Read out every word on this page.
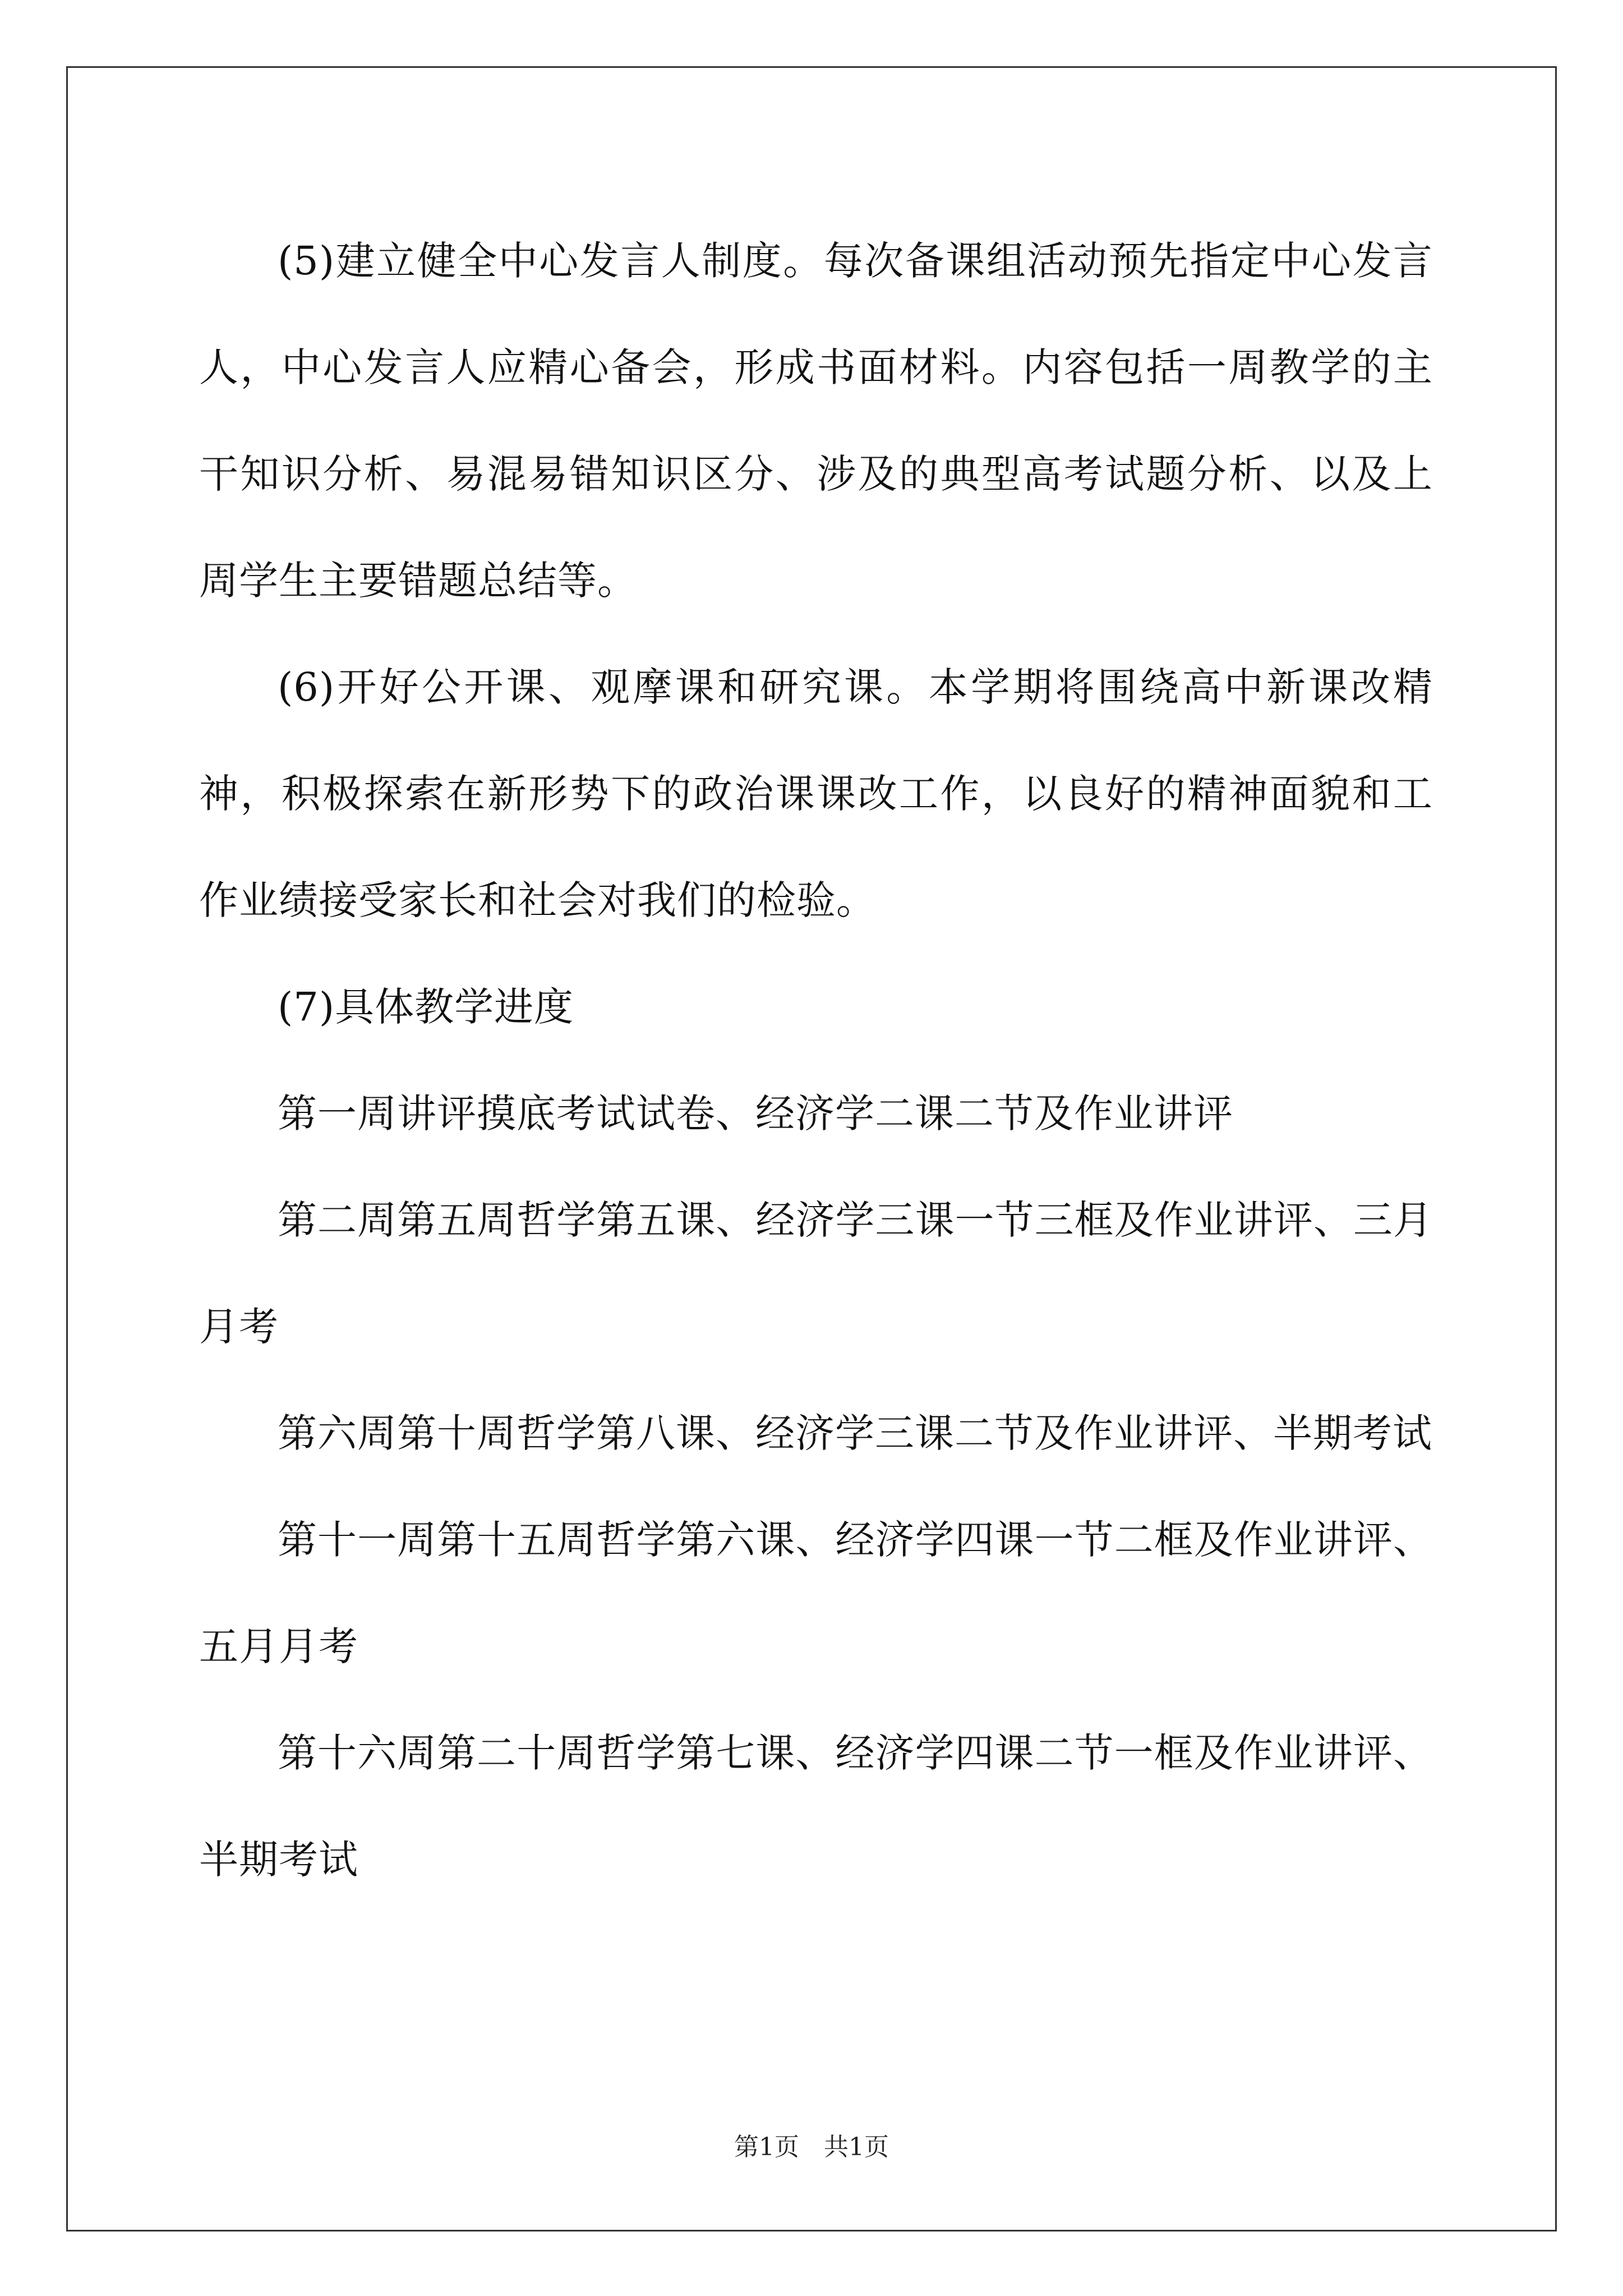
(5)建立健全中心发言人制度。每次备课组活动预先指定中心发言人，中心发言人应精心备会，形成书面材料。内容包括一周教学的主干知识分析、易混易错知识区分、涉及的典型高考试题分析、以及上周学生主要错题总结等。

(6)开好公开课、观摩课和研究课。本学期将围绕高中新课改精神，积极探索在新形势下的政治课课改工作，以良好的精神面貌和工作业绩接受家长和社会对我们的检验。

(7)具体教学进度

第一周讲评摸底考试试卷、经济学二课二节及作业讲评

第二周第五周哲学第五课、经济学三课一节三框及作业讲评、三月月考

第六周第十周哲学第八课、经济学三课二节及作业讲评、半期考试

第十一周第十五周哲学第六课、经济学四课一节二框及作业讲评、五月月考

第十六周第二十周哲学第七课、经济学四课二节一框及作业讲评、半期考试

第1页　共1页
